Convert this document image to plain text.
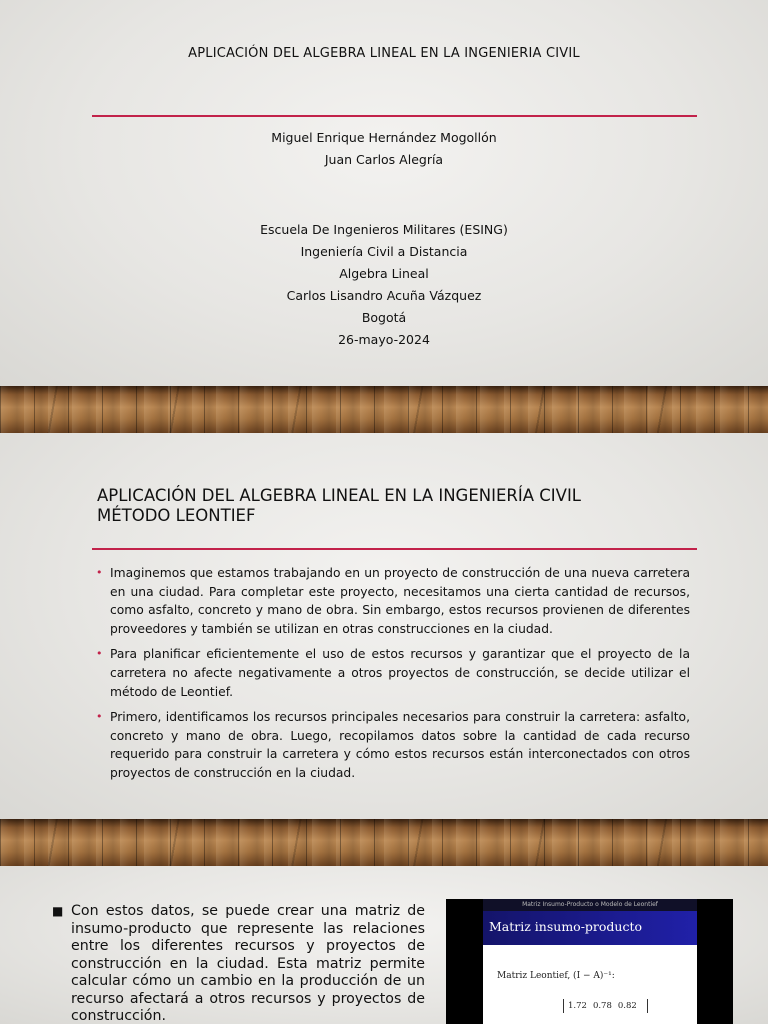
APLICACIÓN DEL ALGEBRA LINEAL EN LA INGENIERIA CIVIL
Miguel Enrique Hernández Mogollón
Juan Carlos Alegría
Escuela De Ingenieros Militares (ESING)
Ingeniería Civil a Distancia
Algebra Lineal
Carlos Lisandro Acuña Vázquez
Bogotá
26-mayo-2024
APLICACIÓN DEL ALGEBRA LINEAL EN LA INGENIERÍA CIVIL
MÉTODO LEONTIEF
• Imaginemos que estamos trabajando en un proyecto de construcción de una nueva carretera en una ciudad. Para completar este proyecto, necesitamos una cierta cantidad de recursos, como asfalto, concreto y mano de obra. Sin embargo, estos recursos provienen de diferentes proveedores y también se utilizan en otras construcciones en la ciudad.
• Para planificar eficientemente el uso de estos recursos y garantizar que el proyecto de la carretera no afecte negativamente a otros proyectos de construcción, se decide utilizar el método de Leontief.
• Primero, identificamos los recursos principales necesarios para construir la carretera: asfalto, concreto y mano de obra. Luego, recopilamos datos sobre la cantidad de cada recurso requerido para construir la carretera y cómo estos recursos están interconectados con otros proyectos de construcción en la ciudad.
■ Con estos datos, se puede crear una matriz de insumo-producto que represente las relaciones entre los diferentes recursos y proyectos de construcción en la ciudad. Esta matriz permite calcular cómo un cambio en la producción de un recurso afectará a otros recursos y proyectos de construcción.
Matriz Insumo-Producto o Modelo de Leontief
Matriz insumo-producto
Matriz Leontief, (I − A)⁻¹:
1.72 0.78 0.82
